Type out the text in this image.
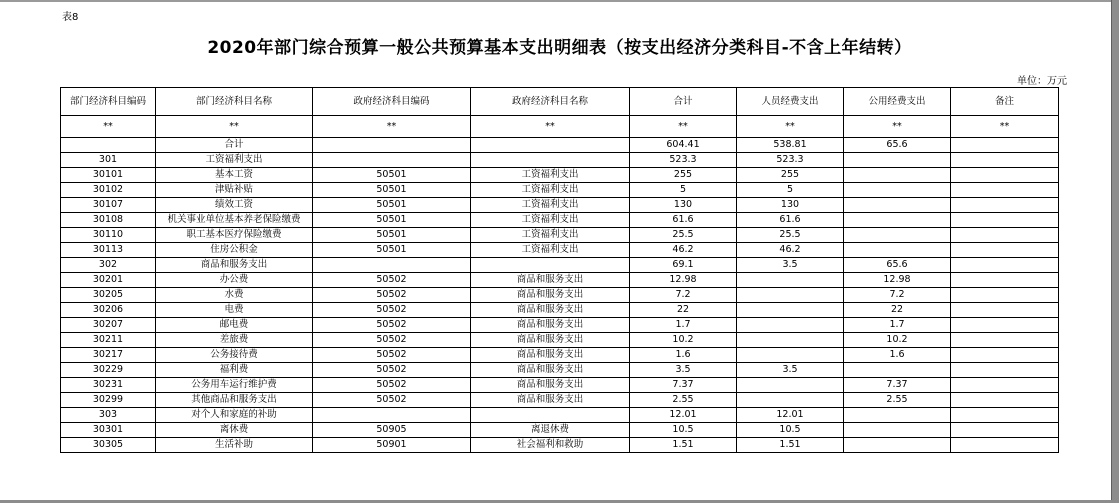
表8
2020年部门综合预算一般公共预算基本支出明细表（按支出经济分类科目-不含上年结转）
单位：万元
部门经济科目编码	部门经济科目名称	政府经济科目编码	政府经济科目名称	合计	人员经费支出	公用经费支出	备注
**	**	**	**	**	**	**	**
	合计			604.41	538.81	65.6	
301	工资福利支出			523.3	523.3		
30101	基本工资	50501	工资福利支出	255	255		
30102	津贴补贴	50501	工资福利支出	5	5		
30107	绩效工资	50501	工资福利支出	130	130		
30108	机关事业单位基本养老保险缴费	50501	工资福利支出	61.6	61.6		
30110	职工基本医疗保险缴费	50501	工资福利支出	25.5	25.5		
30113	住房公积金	50501	工资福利支出	46.2	46.2		
302	商品和服务支出			69.1	3.5	65.6	
30201	办公费	50502	商品和服务支出	12.98		12.98	
30205	水费	50502	商品和服务支出	7.2		7.2	
30206	电费	50502	商品和服务支出	22		22	
30207	邮电费	50502	商品和服务支出	1.7		1.7	
30211	差旅费	50502	商品和服务支出	10.2		10.2	
30217	公务接待费	50502	商品和服务支出	1.6		1.6	
30229	福利费	50502	商品和服务支出	3.5	3.5		
30231	公务用车运行维护费	50502	商品和服务支出	7.37		7.37	
30299	其他商品和服务支出	50502	商品和服务支出	2.55		2.55	
303	对个人和家庭的补助			12.01	12.01		
30301	离休费	50905	离退休费	10.5	10.5		
30305	生活补助	50901	社会福利和救助	1.51	1.51		
